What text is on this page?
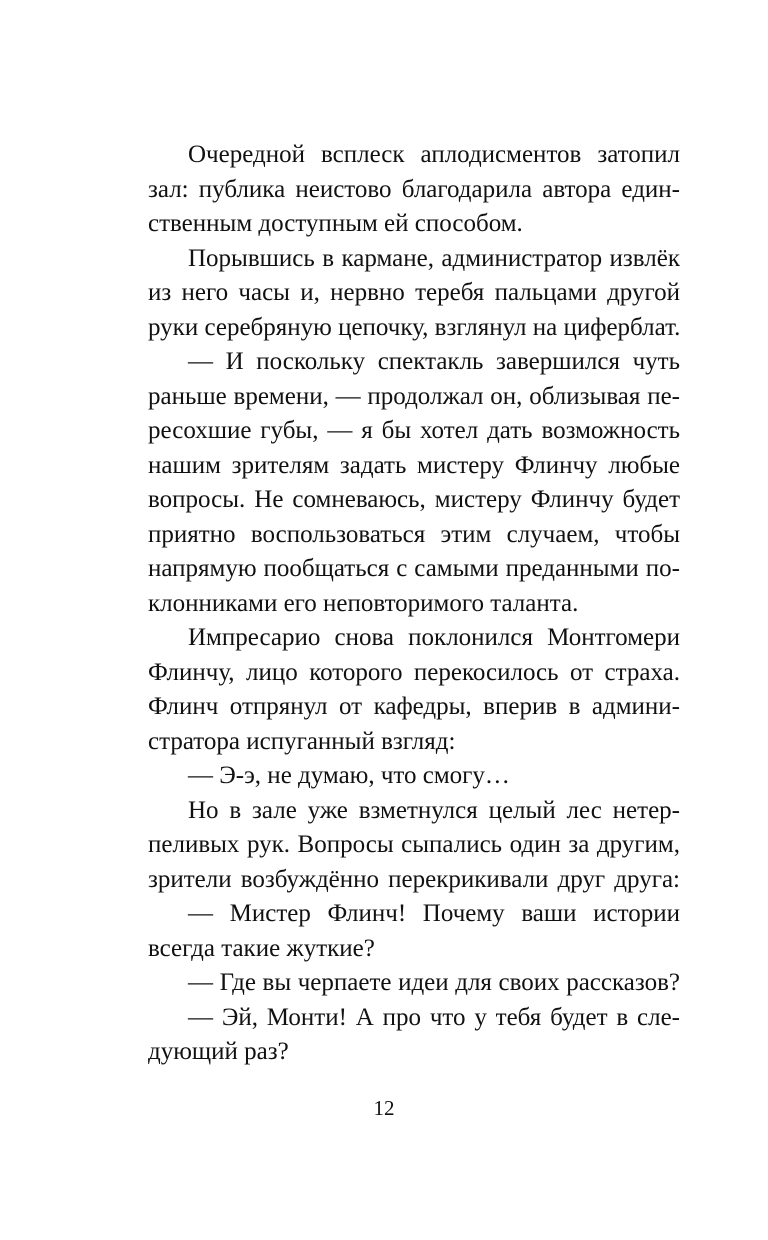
Очередной всплеск аплодисментов затопил
зал: публика неистово благодарила автора един-
ственным доступным ей способом.
Порывшись в кармане, администратор извлёк
из него часы и, нервно теребя пальцами другой
руки серебряную цепочку, взглянул на циферблат.
— И поскольку спектакль завершился чуть
раньше времени, — продолжал он, облизывая пе-
ресохшие губы, — я бы хотел дать возможность
нашим зрителям задать мистеру Флинчу любые
вопросы. Не сомневаюсь, мистеру Флинчу будет
приятно воспользоваться этим случаем, чтобы
напрямую пообщаться с самыми преданными по-
клонниками его неповторимого таланта.
Импресарио снова поклонился Монтгомери
Флинчу, лицо которого перекосилось от страха.
Флинч отпрянул от кафедры, вперив в админи-
стратора испуганный взгляд:
— Э-э, не думаю, что смогу…
Но в зале уже взметнулся целый лес нетер-
пеливых рук. Вопросы сыпались один за другим,
зрители возбуждённо перекрикивали друг друга:
— Мистер Флинч! Почему ваши истории
всегда такие жуткие?
— Где вы черпаете идеи для своих рассказов?
— Эй, Монти! А про что у тебя будет в сле-
дующий раз?
12
